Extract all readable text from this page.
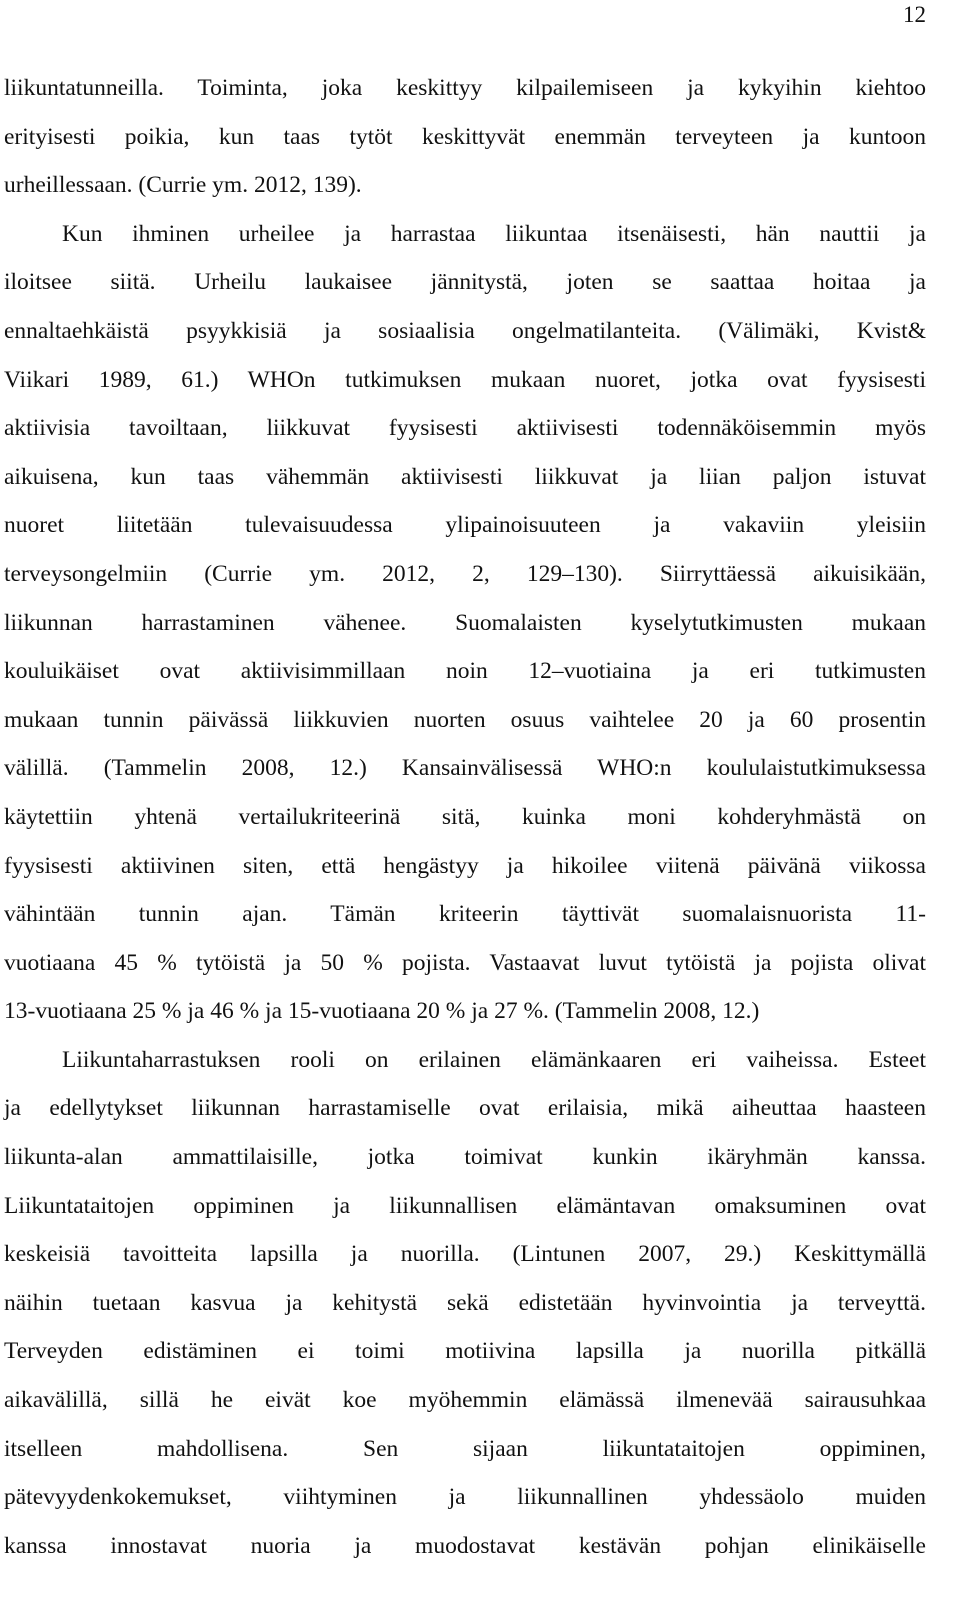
12
liikuntatunneilla. Toiminta, joka keskittyy kilpailemiseen ja kykyihin kiehtoo
erityisesti poikia, kun taas tytöt keskittyvät enemmän terveyteen ja kuntoon
urheillessaan. (Currie ym. 2012, 139).
Kun ihminen urheilee ja harrastaa liikuntaa itsenäisesti, hän nauttii ja
iloitsee siitä. Urheilu laukaisee jännitystä, joten se saattaa hoitaa ja
ennaltaehkäistä psyykkisiä ja sosiaalisia ongelmatilanteita. (Välimäki, Kvist&
Viikari 1989, 61.) WHOn tutkimuksen mukaan nuoret, jotka ovat fyysisesti
aktiivisia tavoiltaan, liikkuvat fyysisesti aktiivisesti todennäköisemmin myös
aikuisena, kun taas vähemmän aktiivisesti liikkuvat ja liian paljon istuvat
nuoret liitetään tulevaisuudessa ylipainoisuuteen ja vakaviin yleisiin
terveysongelmiin (Currie ym. 2012, 2, 129–130). Siirryttäessä aikuisikään,
liikunnan harrastaminen vähenee. Suomalaisten kyselytutkimusten mukaan
kouluikäiset ovat aktiivisimmillaan noin 12–vuotiaina ja eri tutkimusten
mukaan tunnin päivässä liikkuvien nuorten osuus vaihtelee 20 ja 60 prosentin
välillä. (Tammelin 2008, 12.) Kansainvälisessä WHO:n koululaistutkimuksessa
käytettiin yhtenä vertailukriteerinä sitä, kuinka moni kohderyhmästä on
fyysisesti aktiivinen siten, että hengästyy ja hikoilee viitenä päivänä viikossa
vähintään tunnin ajan. Tämän kriteerin täyttivät suomalaisnuorista 11-
vuotiaana 45 % tytöistä ja 50 % pojista. Vastaavat luvut tytöistä ja pojista olivat
13-vuotiaana 25 % ja 46 % ja 15-vuotiaana 20 % ja 27 %. (Tammelin 2008, 12.)
Liikuntaharrastuksen rooli on erilainen elämänkaaren eri vaiheissa. Esteet
ja edellytykset liikunnan harrastamiselle ovat erilaisia, mikä aiheuttaa haasteen
liikunta-alan ammattilaisille, jotka toimivat kunkin ikäryhmän kanssa.
Liikuntataitojen oppiminen ja liikunnallisen elämäntavan omaksuminen ovat
keskeisiä tavoitteita lapsilla ja nuorilla. (Lintunen 2007, 29.) Keskittymällä
näihin tuetaan kasvua ja kehitystä sekä edistetään hyvinvointia ja terveyttä.
Terveyden edistäminen ei toimi motiivina lapsilla ja nuorilla pitkällä
aikavälillä, sillä he eivät koe myöhemmin elämässä ilmenevää sairausuhkaa
itselleen mahdollisena. Sen sijaan liikuntataitojen oppiminen,
pätevyydenkokemukset, viihtyminen ja liikunnallinen yhdessäolo muiden
kanssa innostavat nuoria ja muodostavat kestävän pohjan elinikäiselle
